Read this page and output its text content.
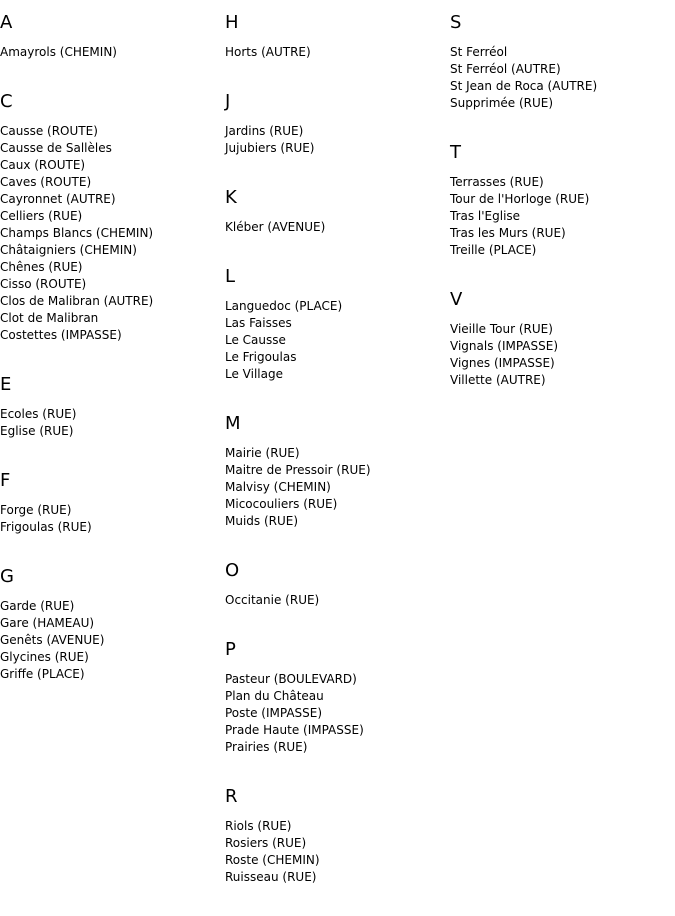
A
Amayrols (CHEMIN)
C
Causse (ROUTE)
Causse de Sallèles
Caux (ROUTE)
Caves (ROUTE)
Cayronnet (AUTRE)
Celliers (RUE)
Champs Blancs (CHEMIN)
Châtaigniers (CHEMIN)
Chênes (RUE)
Cisso (ROUTE)
Clos de Malibran (AUTRE)
Clot de Malibran
Costettes (IMPASSE)
E
Ecoles (RUE)
Eglise (RUE)
F
Forge (RUE)
Frigoulas (RUE)
G
Garde (RUE)
Gare (HAMEAU)
Genêts (AVENUE)
Glycines (RUE)
Griffe (PLACE)
H
Horts (AUTRE)
J
Jardins (RUE)
Jujubiers (RUE)
K
Kléber (AVENUE)
L
Languedoc (PLACE)
Las Faisses
Le Causse
Le Frigoulas
Le Village
M
Mairie (RUE)
Maitre de Pressoir (RUE)
Malvisy (CHEMIN)
Micocouliers (RUE)
Muids (RUE)
O
Occitanie (RUE)
P
Pasteur (BOULEVARD)
Plan du Château
Poste (IMPASSE)
Prade Haute (IMPASSE)
Prairies (RUE)
R
Riols (RUE)
Rosiers (RUE)
Roste (CHEMIN)
Ruisseau (RUE)
S
St Ferréol
St Ferréol (AUTRE)
St Jean de Roca (AUTRE)
Supprimée (RUE)
T
Terrasses (RUE)
Tour de l'Horloge (RUE)
Tras l'Eglise
Tras les Murs (RUE)
Treille (PLACE)
V
Vieille Tour (RUE)
Vignals (IMPASSE)
Vignes (IMPASSE)
Villette (AUTRE)
